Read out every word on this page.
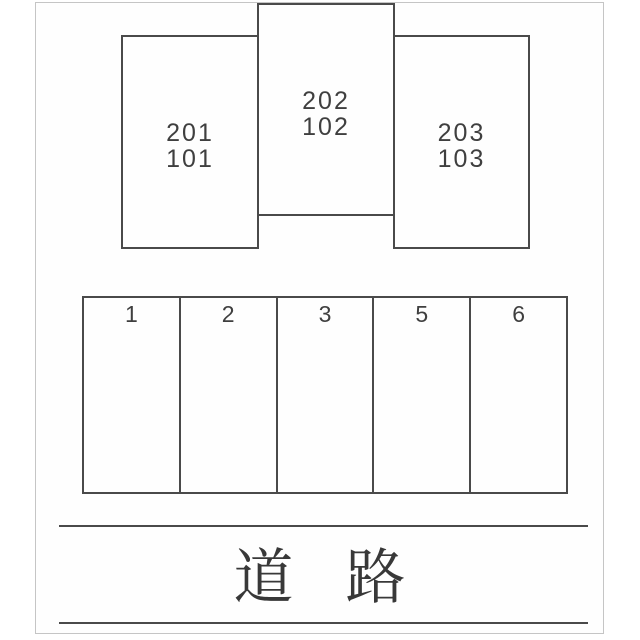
202
102
201
101
203
103
1	2	3	5	6
道 路
